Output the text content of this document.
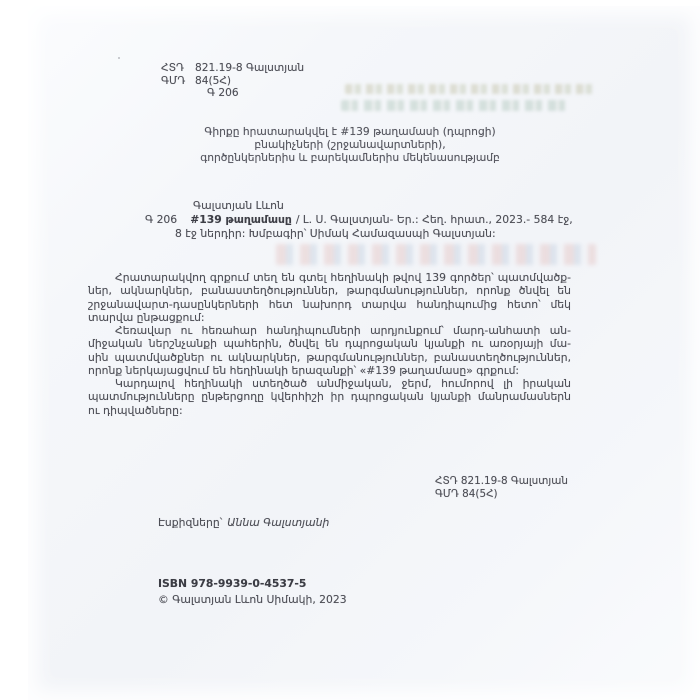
ՀՏԴ 821.19-8 Գալստյան
ԳՄԴ 84(5Հ)
Գ 206
Գիրքը հրատարակվել է #139 թաղամասի (դպրոցի)
բնակիչների (շրջանավարտների),
գործընկերներիս և բարեկամներիս մեկենասությամբ
Գալստյան Լևոն
Գ 206 #139 թաղամասը / Լ. Ս. Գալստյան- Եր.: Հեղ. հրատ., 2023.- 584 էջ,
8 էջ ներդիր: Խմբագիր՝ Սիմակ Համազասպի Գալստյան:
Հրատարակվող գրքում տեղ են գտել հեղինակի թվով 139 գործեր՝ պատմվածք-
ներ, ակնարկներ, բանաստեղծություններ, թարգմանություններ, որոնք ծնվել են
շրջանավարտ-դասընկերների հետ նախորդ տարվա հանդիպումից հետո՝ մեկ
տարվա ընթացքում:
Հեռավար ու հեռահար հանդիպումների արդյունքում՝ մարդ-անհատի ան-
միջական ներշնչանքի պահերին, ծնվել են դպրոցական կյանքի ու առօրյայի մա-
սին պատմվածքներ ու ակնարկներ, թարգմանություններ, բանաստեղծություններ,
որոնք ներկայացվում են հեղինակի երազանքի՝ «#139 թաղամասը» գրքում:
Կարդալով հեղինակի ստեղծած անմիջական, ջերմ, հումորով լի իրական
պատմությունները ընթերցողը կվերհիշի իր դպրոցական կյանքի մանրամասներն
ու դիպվածները:
ՀՏԴ 821.19-8 Գալստյան
ԳՄԴ 84(5Հ)
Էսքիզները՝ Աննա Գալստյանի
ISBN 978-9939-0-4537-5
© Գալստյան Լևոն Սիմակի, 2023
